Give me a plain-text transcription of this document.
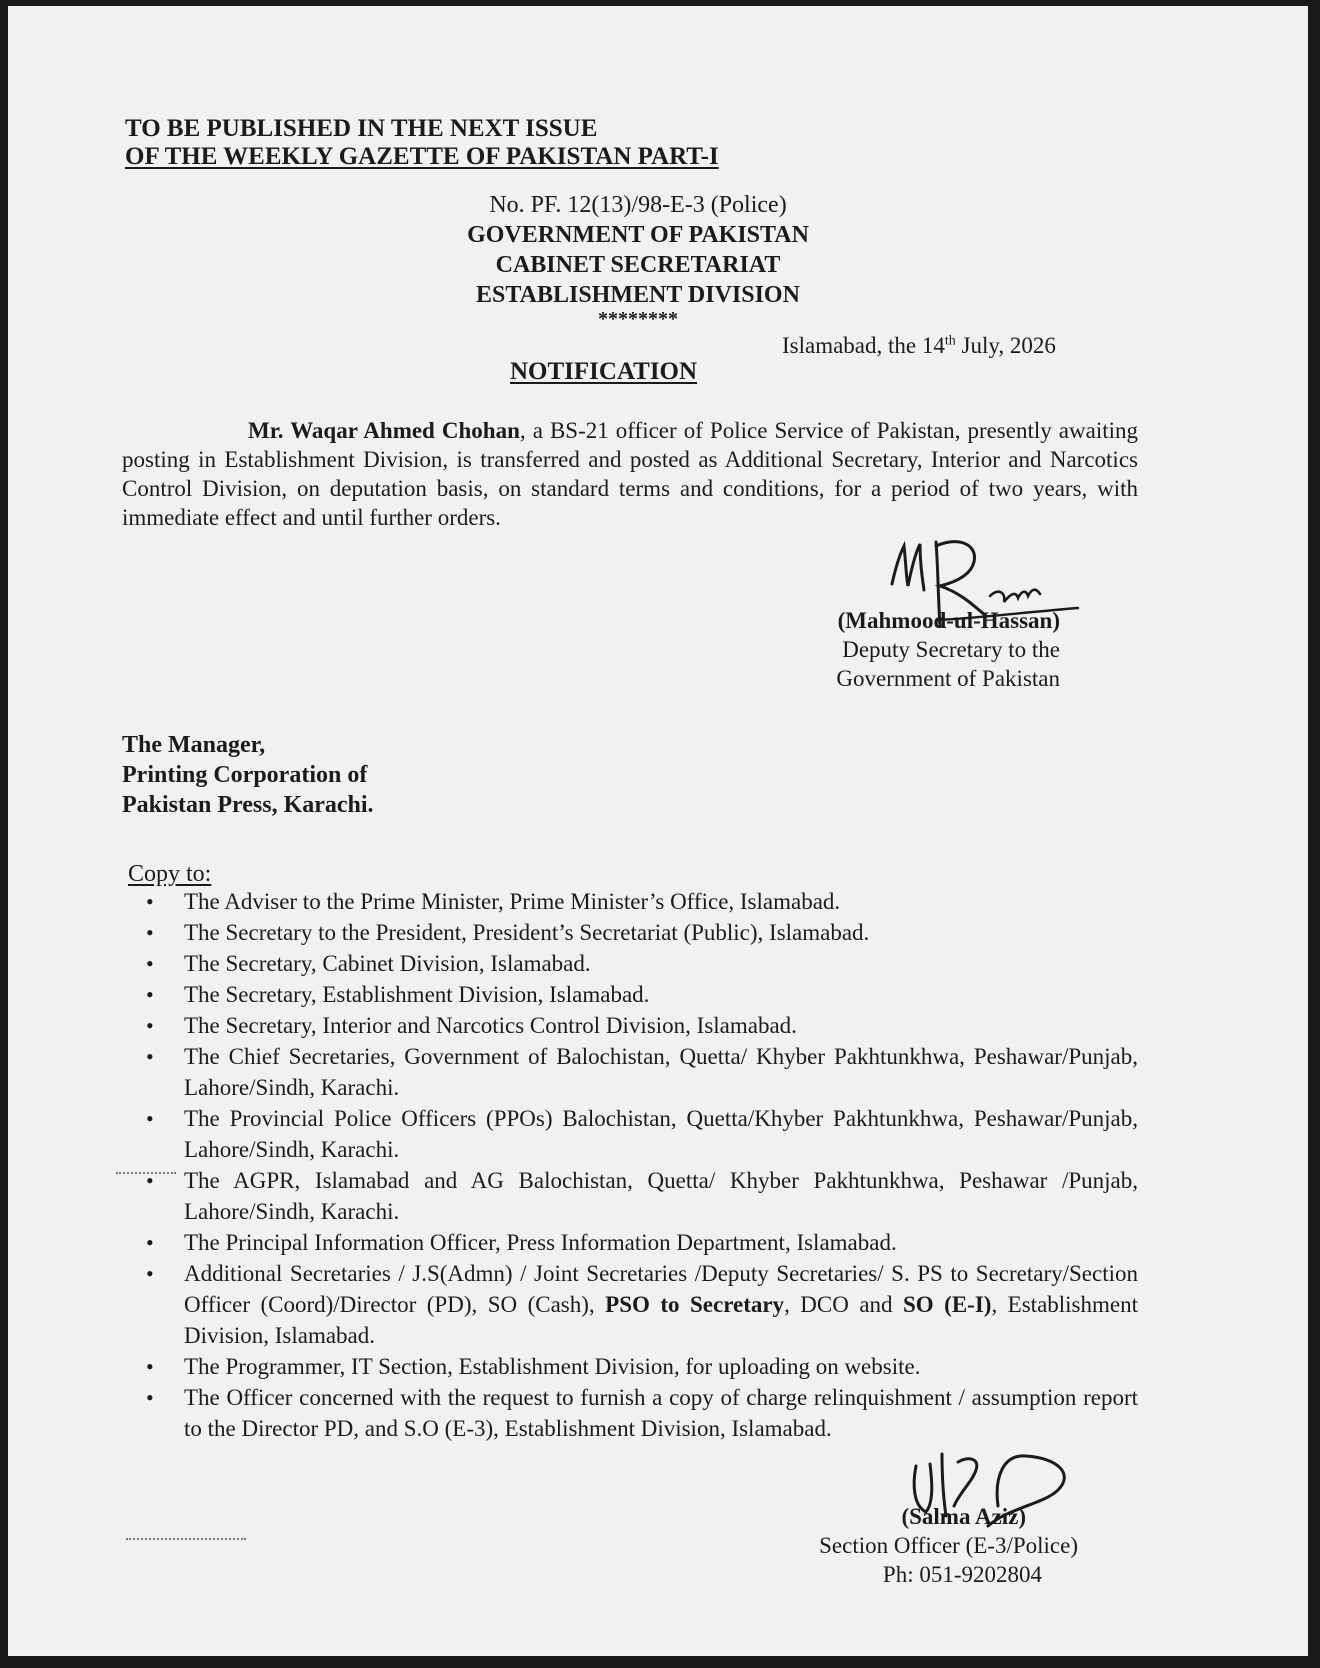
TO BE PUBLISHED IN THE NEXT ISSUE
OF THE WEEKLY GAZETTE OF PAKISTAN PART-I
No. PF. 12(13)/98-E-3 (Police)
GOVERNMENT OF PAKISTAN
CABINET SECRETARIAT
ESTABLISHMENT DIVISION
********
Islamabad, the 14th July, 2026
NOTIFICATION
Mr. Waqar Ahmed Chohan, a BS-21 officer of Police Service of Pakistan, presently awaiting posting in Establishment Division, is transferred and posted as Additional Secretary, Interior and Narcotics Control Division, on deputation basis, on standard terms and conditions, for a period of two years, with immediate effect and until further orders.
(Mahmood-ul-Hassan)
Deputy Secretary to the
Government of Pakistan
The Manager,
Printing Corporation of
Pakistan Press, Karachi.
Copy to:
• The Adviser to the Prime Minister, Prime Minister’s Office, Islamabad.
• The Secretary to the President, President’s Secretariat (Public), Islamabad.
• The Secretary, Cabinet Division, Islamabad.
• The Secretary, Establishment Division, Islamabad.
• The Secretary, Interior and Narcotics Control Division, Islamabad.
• The Chief Secretaries, Government of Balochistan, Quetta/ Khyber Pakhtunkhwa, Peshawar/Punjab, Lahore/Sindh, Karachi.
• The Provincial Police Officers (PPOs) Balochistan, Quetta/Khyber Pakhtunkhwa, Peshawar/Punjab, Lahore/Sindh, Karachi.
• The AGPR, Islamabad and AG Balochistan, Quetta/ Khyber Pakhtunkhwa, Peshawar /Punjab, Lahore/Sindh, Karachi.
• The Principal Information Officer, Press Information Department, Islamabad.
• Additional Secretaries / J.S(Admn) / Joint Secretaries /Deputy Secretaries/ S. PS to Secretary/Section Officer (Coord)/Director (PD), SO (Cash), PSO to Secretary, DCO and SO (E-I), Establishment Division, Islamabad.
• The Programmer, IT Section, Establishment Division, for uploading on website.
• The Officer concerned with the request to furnish a copy of charge relinquishment / assumption report to the Director PD, and S.O (E-3), Establishment Division, Islamabad.
(Salma Aziz)
Section Officer (E-3/Police)
Ph: 051-9202804
